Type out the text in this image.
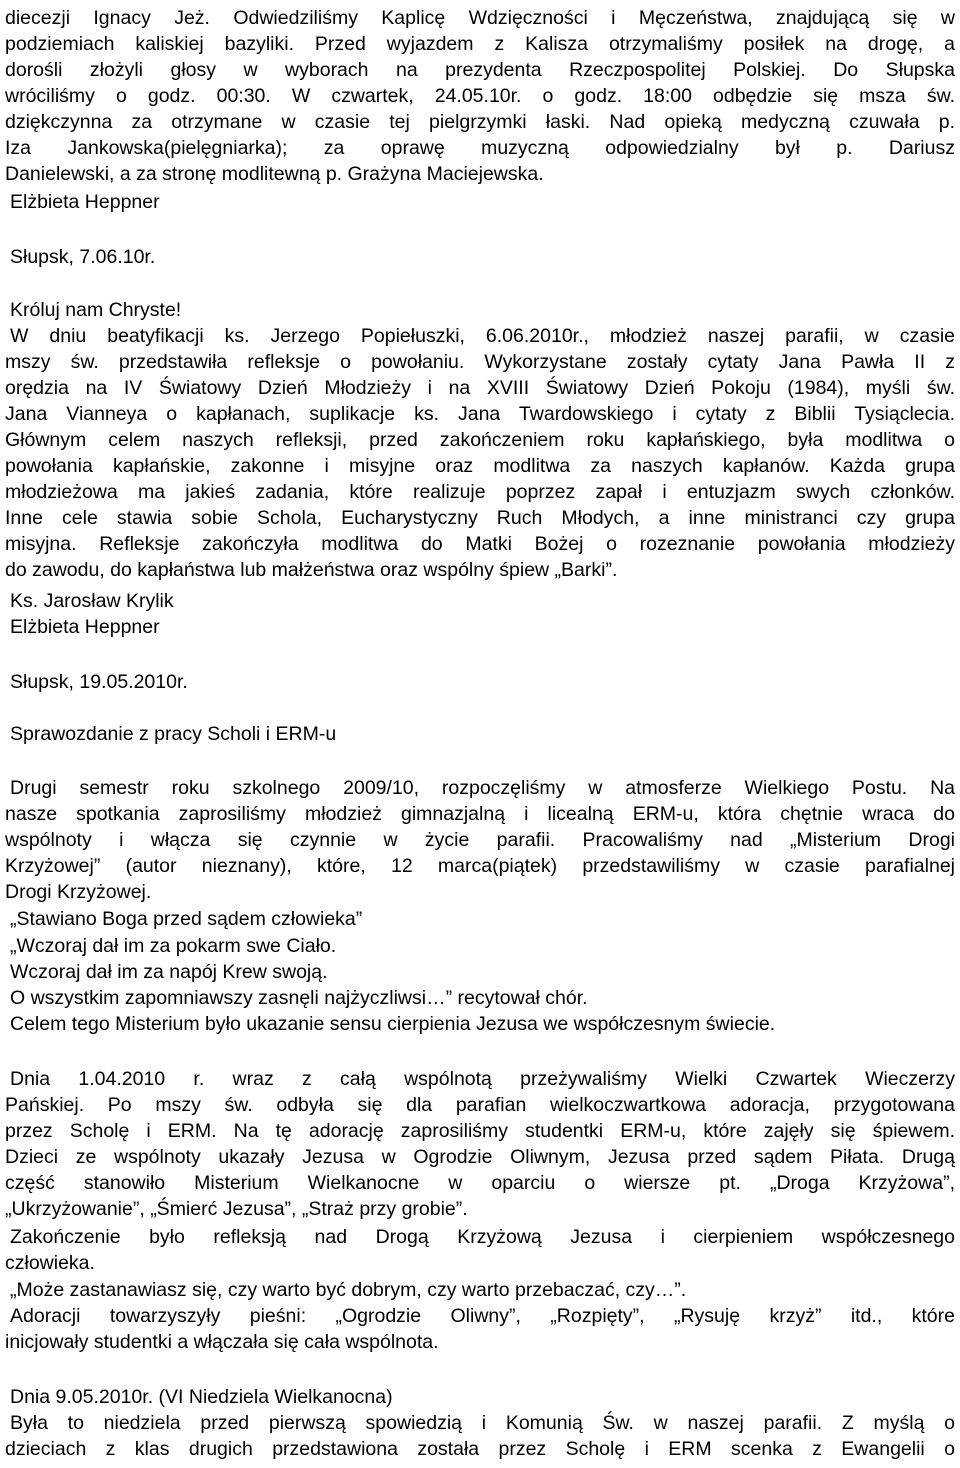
diecezji Ignacy Jeż. Odwiedziliśmy Kaplicę Wdzięczności i Męczeństwa, znajdującą się w

podziemiach kaliskiej bazyliki. Przed wyjazdem z Kalisza otrzymaliśmy posiłek na drogę, a

dorośli złożyli głosy w wyborach na prezydenta Rzeczpospolitej Polskiej. Do Słupska

wróciliśmy o godz. 00:30. W czwartek, 24.05.10r. o godz. 18:00 odbędzie się msza św.

dziękczynna za otrzymane w czasie tej pielgrzymki łaski. Nad opieką medyczną czuwała p.

Iza Jankowska(pielęgniarka); za oprawę muzyczną odpowiedzialny był p. Dariusz

Danielewski, a za stronę modlitewną p. Grażyna Maciejewska.

Elżbieta Heppner

Słupsk, 7.06.10r.

Króluj nam Chryste!

W dniu beatyfikacji ks. Jerzego Popiełuszki, 6.06.2010r., młodzież naszej parafii, w czasie

mszy św. przedstawiła refleksje o powołaniu. Wykorzystane zostały cytaty Jana Pawła II z

orędzia na IV Światowy Dzień Młodzieży i na XVIII Światowy Dzień Pokoju (1984), myśli św.

Jana Vianneya o kapłanach, suplikacje ks. Jana Twardowskiego i cytaty z Biblii Tysiąclecia.

Głównym celem naszych refleksji, przed zakończeniem roku kapłańskiego, była modlitwa o

powołania kapłańskie, zakonne i misyjne oraz modlitwa za naszych kapłanów. Każda grupa

młodzieżowa ma jakieś zadania, które realizuje poprzez zapał i entuzjazm swych członków.

Inne cele stawia sobie Schola, Eucharystyczny Ruch Młodych, a inne ministranci czy grupa

misyjna. Refleksje zakończyła modlitwa do Matki Bożej o rozeznanie powołania młodzieży

do zawodu, do kapłaństwa lub małżeństwa oraz wspólny śpiew „Barki”.

Ks. Jarosław Krylik

Elżbieta Heppner

Słupsk, 19.05.2010r.

Sprawozdanie z pracy Scholi i ERM-u

Drugi semestr roku szkolnego 2009/10, rozpoczęliśmy w atmosferze Wielkiego Postu. Na

nasze spotkania zaprosiliśmy młodzież gimnazjalną i licealną ERM-u, która chętnie wraca do

wspólnoty i włącza się czynnie w życie parafii. Pracowaliśmy nad „Misterium Drogi

Krzyżowej” (autor nieznany), które, 12 marca(piątek) przedstawiliśmy w czasie parafialnej

Drogi Krzyżowej.

„Stawiano Boga przed sądem człowieka”

„Wczoraj dał im za pokarm swe Ciało.

Wczoraj dał im za napój Krew swoją.

O wszystkim zapomniawszy zasnęli najżyczliwsi…” recytował chór.

Celem tego Misterium było ukazanie sensu cierpienia Jezusa we współczesnym świecie.

Dnia 1.04.2010 r. wraz z całą wspólnotą przeżywaliśmy Wielki Czwartek Wieczerzy

Pańskiej. Po mszy św. odbyła się dla parafian wielkoczwartkowa adoracja, przygotowana

przez Scholę i ERM. Na tę adorację zaprosiliśmy studentki ERM-u, które zajęły się śpiewem.

Dzieci ze wspólnoty ukazały Jezusa w Ogrodzie Oliwnym, Jezusa przed sądem Piłata. Drugą

część stanowiło Misterium Wielkanocne w oparciu o wiersze pt. „Droga Krzyżowa”,

„Ukrzyżowanie”, „Śmierć Jezusa”, „Straż przy grobie”.

Zakończenie było refleksją nad Drogą Krzyżową Jezusa i cierpieniem współczesnego

człowieka.

„Może zastanawiasz się, czy warto być dobrym, czy warto przebaczać, czy…”.

Adoracji towarzyszyły pieśni: „Ogrodzie Oliwny”, „Rozpięty”, „Rysuję krzyż” itd., które

inicjowały studentki a włączała się cała wspólnota.

Dnia 9.05.2010r. (VI Niedziela Wielkanocna)

Była to niedziela przed pierwszą spowiedzią i Komunią Św. w naszej parafii. Z myślą o

dzieciach z klas drugich przedstawiona została przez Scholę i ERM scenka z Ewangelii o
